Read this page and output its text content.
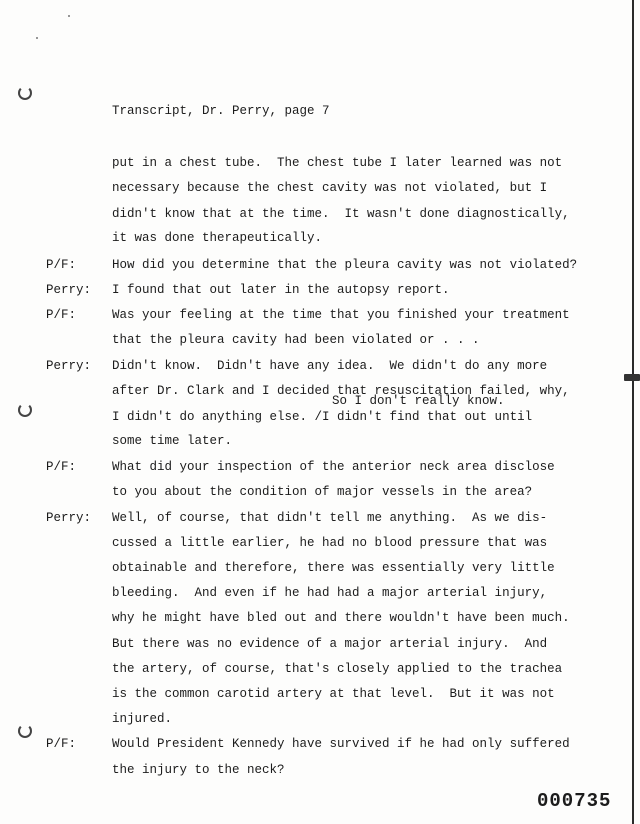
Transcript, Dr. Perry, page 7
put in a chest tube.  The chest tube I later learned was not
necessary because the chest cavity was not violated, but I
didn't know that at the time.  It wasn't done diagnostically,
it was done therapeutically.
P/F:	How did you determine that the pleura cavity was not violated?
Perry: I found that out later in the autopsy report.
P/F:	Was your feeling at the time that you finished your treatment
that the pleura cavity had been violated or . . .
Perry: Didn't know.  Didn't have any idea.  We didn't do any more
after Dr. Clark and I decided that resuscitation failed, why,
I didn't do anything else. /I didn't find that out until
some time later.
P/F:	What did your inspection of the anterior neck area disclose
to you about the condition of major vessels in the area?
Perry: Well, of course, that didn't tell me anything.  As we dis-
cussed a little earlier, he had no blood pressure that was
obtainable and therefore, there was essentially very little
bleeding.  And even if he had had a major arterial injury,
why he might have bled out and there wouldn't have been much.
But there was no evidence of a major arterial injury.  And
the artery, of course, that's closely applied to the trachea
is the common carotid artery at that level.  But it was not
injured.
P/F:	Would President Kennedy have survived if he had only suffered
the injury to the neck?
So I don't really know.
000735
